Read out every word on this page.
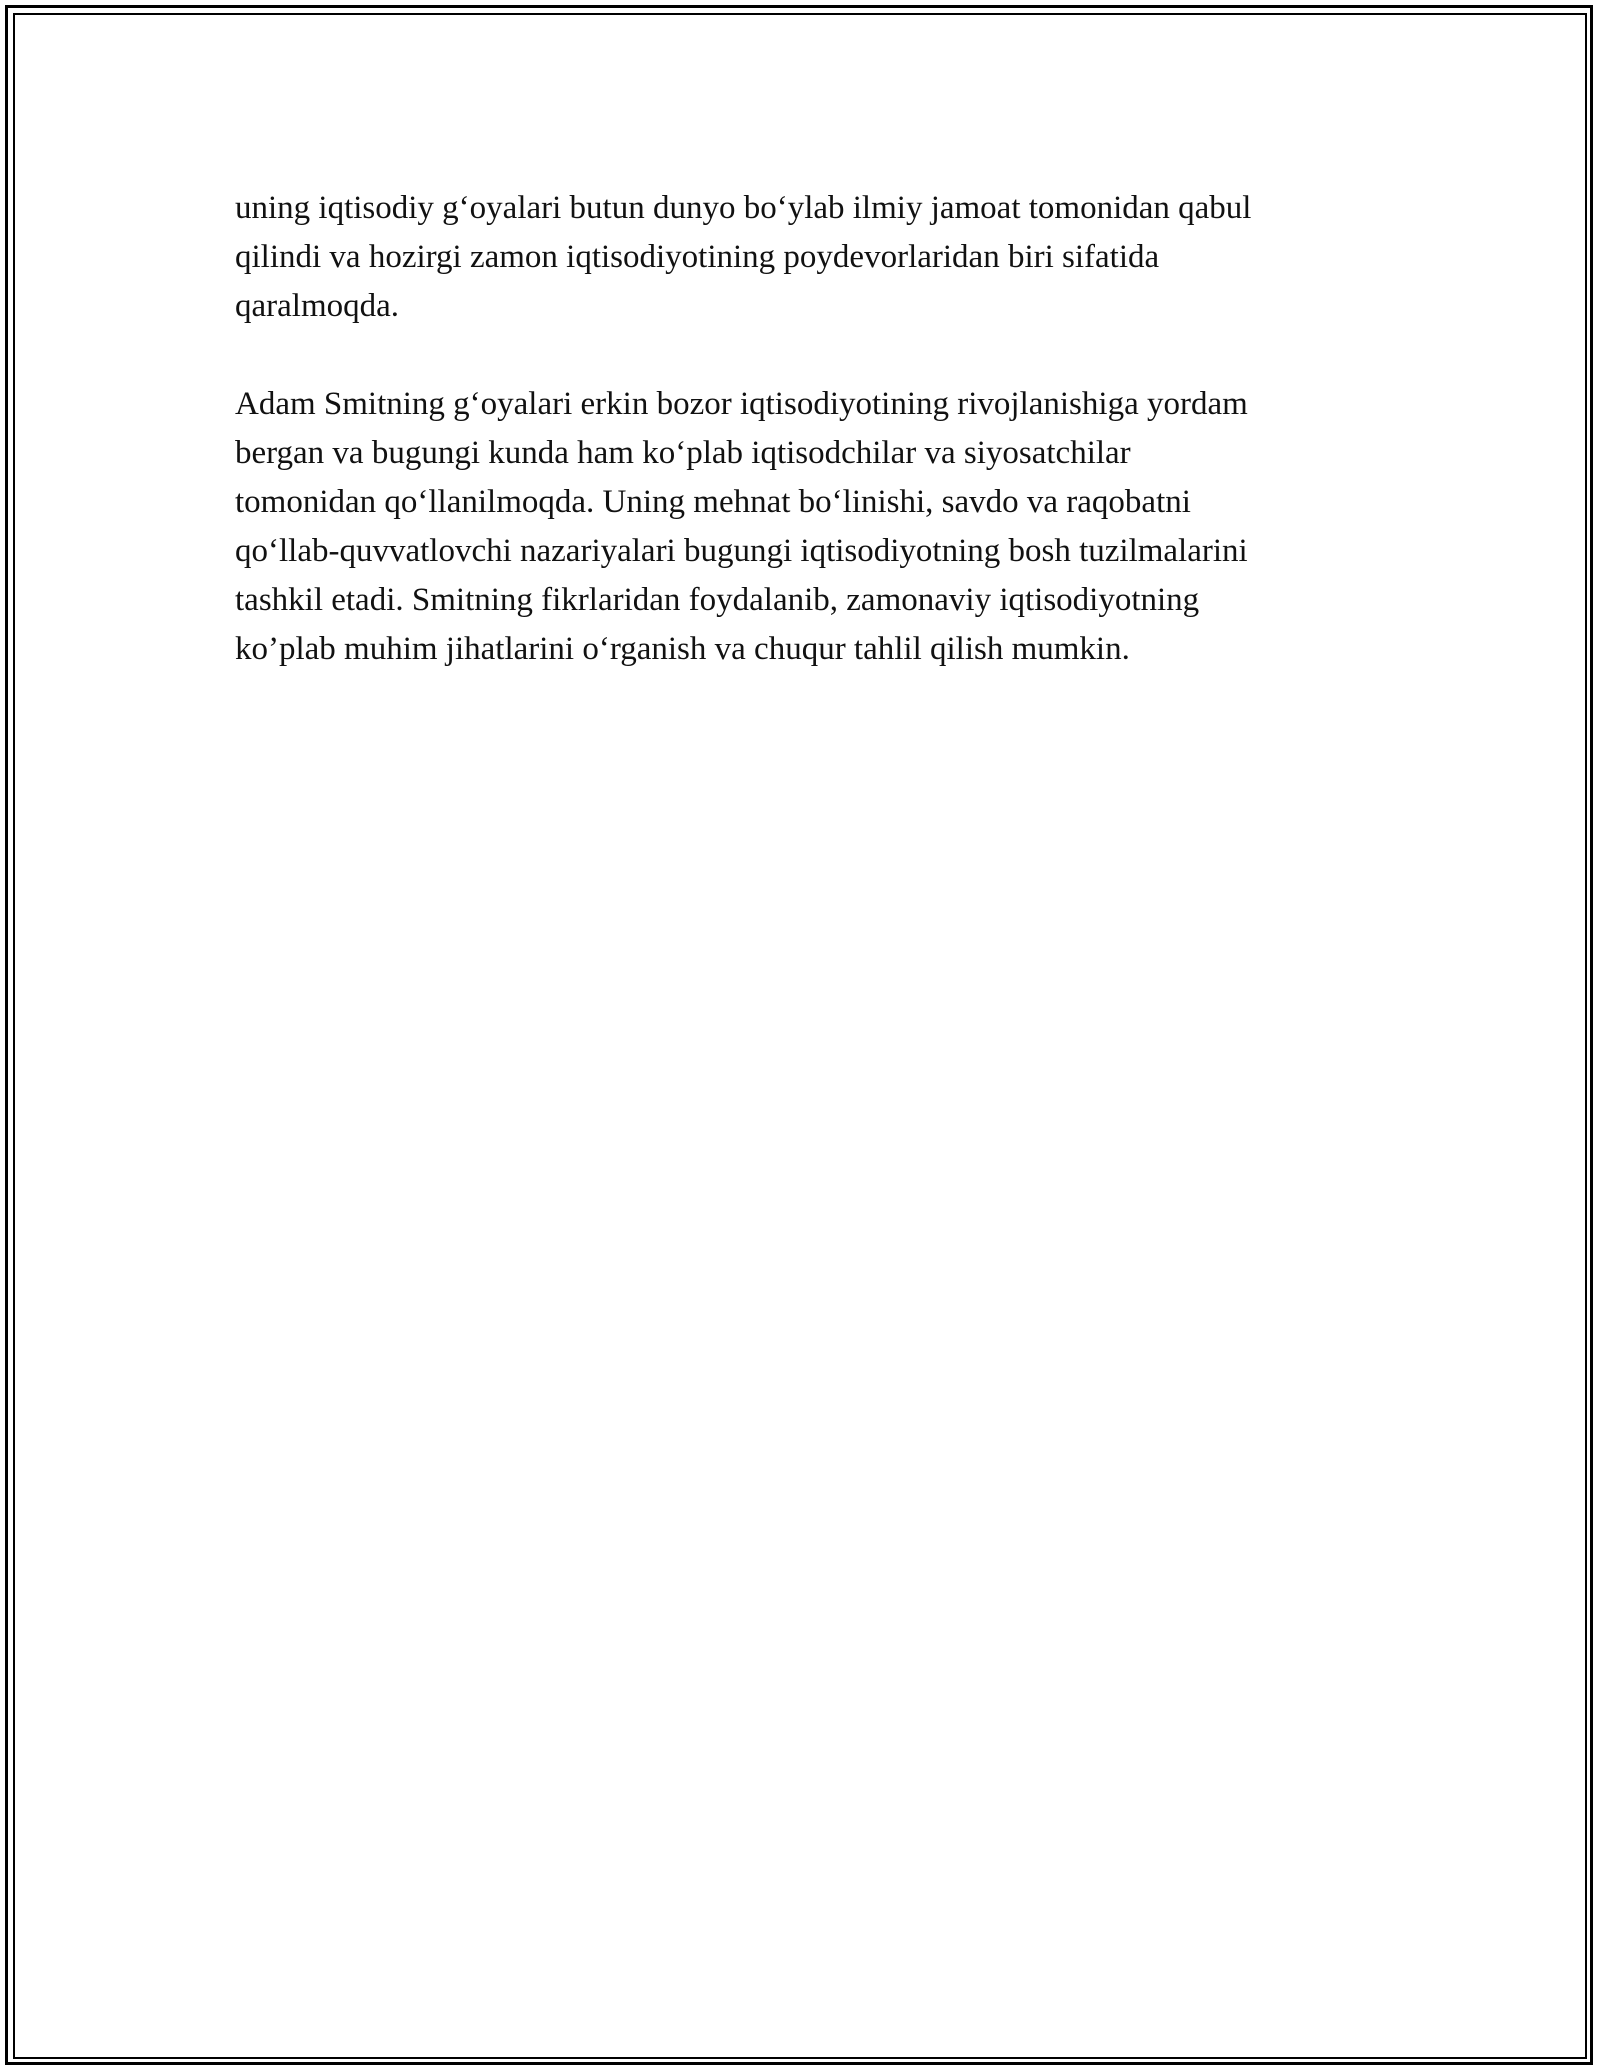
uning iqtisodiy g‘oyalari butun dunyo bo‘ylab ilmiy jamoat tomonidan qabul
qilindi va hozirgi zamon iqtisodiyotining poydevorlaridan biri sifatida
qaralmoqda.

Adam Smitning g‘oyalari erkin bozor iqtisodiyotining rivojlanishiga yordam
bergan va bugungi kunda ham ko‘plab iqtisodchilar va siyosatchilar
tomonidan qo‘llanilmoqda. Uning mehnat bo‘linishi, savdo va raqobatni
qo‘llab-quvvatlovchi nazariyalari bugungi iqtisodiyotning bosh tuzilmalarini
tashkil etadi. Smitning fikrlaridan foydalanib, zamonaviy iqtisodiyotning
ko’plab muhim jihatlarini o‘rganish va chuqur tahlil qilish mumkin.
